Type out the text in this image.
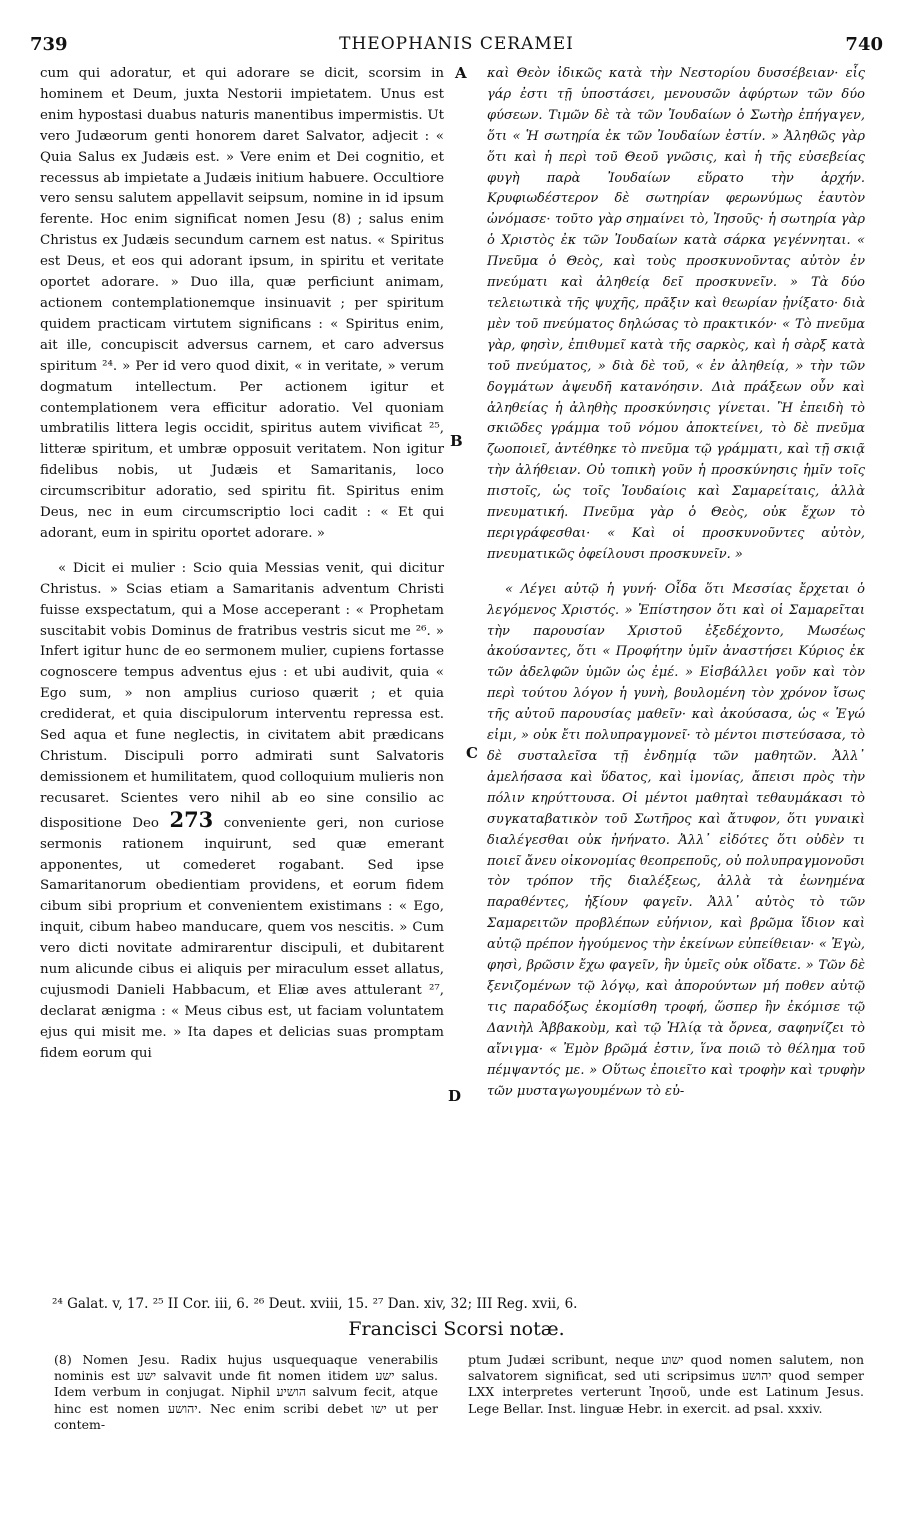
739	THEOPHANIS CERAMEI	740

cum qui adoratur, et qui adorare se dicit, scorsim in hominem et Deum, juxta Nestorii impietatem. Unus est enim hypostasi duabus naturis manentibus impermistis. Ut vero Judæorum genti honorem daret Salvator, adjecit : « Quia Salus ex Judæis est. » Vere enim et Dei cognitio, et recessus ab impietate a Judæis initium habuere. Occultiore vero sensu salutem appellavit seipsum, nomine in id ipsum ferente. Hoc enim significat nomen Jesu (8) ; salus enim Christus ex Judæis secundum carnem est natus. « Spiritus est Deus, et eos qui adorant ipsum, in spiritu et veritate oportet adorare. » Duo illa, quæ perficiunt animam, actionem contemplationemque insinuavit ; per spiritum quidem practicam virtutem significans : « Spiritus enim, ait ille, concupiscit adversus carnem, et caro adversus spiritum ²⁴. » Per id vero quod dixit, « in veritate, » verum dogmatum intellectum. Per actionem igitur et contemplationem vera efficitur adoratio. Vel quoniam umbratilis littera legis occidit, spiritus autem vivificat ²⁵, litteræ spiritum, et umbræ opposuit veritatem. Non igitur fidelibus nobis, ut Judæis et Samaritanis, loco circumscribitur adoratio, sed spiritu fit. Spiritus enim Deus, nec in eum circumscriptio loci cadit : « Et qui adorant, eum in spiritu oportet adorare. »

« Dicit ei mulier : Scio quia Messias venit, qui dicitur Christus. » Scias etiam a Samaritanis adventum Christi fuisse exspectatum, qui a Mose acceperant : « Prophetam suscitabit vobis Dominus de fratribus vestris sicut me ²⁶. » Infert igitur hunc de eo sermonem mulier, cupiens fortasse cognoscere tempus adventus ejus : et ubi audivit, quia « Ego sum, » non amplius curioso quærit ; et quia crediderat, et quia discipulorum interventu repressa est. Sed aqua et fune neglectis, in civitatem abit prædicans Christum. Discipuli porro admirati sunt Salvatoris demissionem et humilitatem, quod colloquium mulieris non recusaret. Scientes vero nihil ab eo sine consilio ac dispositione Deo 273 convenientе geri, non curiose sermonis rationem inquirunt, sed quæ emerant apponentes, ut comederet rogabant. Sed ipse Samaritanorum obedientiam providens, et eorum fidem cibum sibi proprium et convenientem existimans : « Ego, inquit, cibum habeo manducare, quem vos nescitis. » Cum vero dicti novitate admirarentur discipuli, et dubitarent num alicunde cibus ei aliquis per miraculum esset allatus, cujusmodi Danieli Habbacum, et Eliæ aves attulerant ²⁷, declarat ænigma : « Meus cibus est, ut faciam voluntatem ejus qui misit me. » Ita dapes et delicias suas promptam fidem eorum qui

A
B
C
D

καὶ Θεὸν ἰδικῶς κατὰ τὴν Νεστορίου δυσσέβειαν· εἷς γάρ ἐστι τῇ ὑποστάσει, μενουσῶν ἀφύρτων τῶν δύο φύσεων. Τιμῶν δὲ τὰ τῶν Ἰουδαίων ὁ Σωτὴρ ἐπήγαγεν, ὅτι « Ἡ σωτηρία ἐκ τῶν Ἰουδαίων ἐστίν. » Ἀληθῶς γὰρ ὅτι καὶ ἡ περὶ τοῦ Θεοῦ γνῶσις, καὶ ἡ τῆς εὐσεβείας φυγὴ παρὰ Ἰουδαίων εὕρατο τὴν ἀρχήν. Κρυφιωδέστερον δὲ σωτηρίαν φερωνύμως ἑαυτὸν ὠνόμασε· τοῦτο γὰρ σημαίνει τὸ, Ἰησοῦς· ἡ σωτηρία γὰρ ὁ Χριστὸς ἐκ τῶν Ἰουδαίων κατὰ σάρκα γεγέννηται. « Πνεῦμα ὁ Θεὸς, καὶ τοὺς προσκυνοῦντας αὐτὸν ἐν πνεύματι καὶ ἀληθείᾳ δεῖ προσκυνεῖν. » Τὰ δύο τελειωτικὰ τῆς ψυχῆς, πρᾶξιν καὶ θεωρίαν ᾐνίξατο· διὰ μὲν τοῦ πνεύματος δηλώσας τὸ πρακτικόν· « Τὸ πνεῦμα γὰρ, φησὶν, ἐπιθυμεῖ κατὰ τῆς σαρκὸς, καὶ ἡ σὰρξ κατὰ τοῦ πνεύματος, » διὰ δὲ τοῦ, « ἐν ἀληθείᾳ, » τὴν τῶν δογμάτων ἀψευδῆ κατανόησιν. Διὰ πράξεων οὖν καὶ ἀληθείας ἡ ἀληθὴς προσκύνησις γίνεται. Ἢ ἐπειδὴ τὸ σκιῶδες γράμμα τοῦ νόμου ἀποκτείνει, τὸ δὲ πνεῦμα ζωοποιεῖ, ἀντέθηκε τὸ πνεῦμα τῷ γράμματι, καὶ τῇ σκιᾷ τὴν ἀλήθειαν. Οὐ τοπικὴ γοῦν ἡ προσκύνησις ἡμῖν τοῖς πιστοῖς, ὡς τοῖς Ἰουδαίοις καὶ Σαμαρείταις, ἀλλὰ πνευματική. Πνεῦμα γὰρ ὁ Θεὸς, οὐκ ἔχων τὸ περιγράφεσθαι· « Καὶ οἱ προσκυνοῦντες αὐτὸν, πνευματικῶς ὀφείλουσι προσκυνεῖν. »

« Λέγει αὐτῷ ἡ γυνή· Οἶδα ὅτι Μεσσίας ἔρχεται ὁ λεγόμενος Χριστός. » Ἐπίστησον ὅτι καὶ οἱ Σαμαρεῖται τὴν παρουσίαν Χριστοῦ ἐξεδέχοντο, Μωσέως ἀκούσαντες, ὅτι « Προφήτην ὑμῖν ἀναστήσει Κύριος ἐκ τῶν ἀδελφῶν ὑμῶν ὡς ἐμέ. » Εἰσβάλλει γοῦν καὶ τὸν περὶ τούτου λόγον ἡ γυνὴ, βουλομένη τὸν χρόνον ἴσως τῆς αὐτοῦ παρουσίας μαθεῖν· καὶ ἀκούσασα, ὡς « Ἐγώ εἰμι, » οὐκ ἔτι πολυπραγμονεῖ· τὸ μέντοι πιστεύσασα, τὸ δὲ συσταλεῖσα τῇ ἐνδημίᾳ τῶν μαθητῶν. Ἀλλ᾽ ἀμελήσασα καὶ ὕδατος, καὶ ἱμονίας, ἄπεισι πρὸς τὴν πόλιν κηρύττουσα. Οἱ μέντοι μαθηταὶ τεθαυμάκασι τὸ συγκαταβατικὸν τοῦ Σωτῆρος καὶ ἄτυφον, ὅτι γυναικὶ διαλέγεσθαι οὐκ ἠνήνατο. Ἀλλ᾽ εἰδότες ὅτι οὐδὲν τι ποιεῖ ἄνευ οἰκονομίας θεοπρεποῦς, οὐ πολυπραγμονοῦσι τὸν τρόπον τῆς διαλέξεως, ἀλλὰ τὰ ἐωνημένα παραθέντες, ἠξίουν φαγεῖν. Ἀλλ᾽ αὐτὸς τὸ τῶν Σαμαρειτῶν προβλέπων εὐήνιον, καὶ βρῶμα ἴδιον καὶ αὐτῷ πρέπον ἡγούμενος τὴν ἐκείνων εὐπείθειαν· « Ἐγὼ, φησὶ, βρῶσιν ἔχω φαγεῖν, ἣν ὑμεῖς οὐκ οἴδατε. » Τῶν δὲ ξενιζομένων τῷ λόγῳ, καὶ ἀπορούντων μή ποθεν αὐτῷ τις παραδόξως ἐκομίσθη τροφή, ὥσπερ ἣν ἐκόμισε τῷ Δανιὴλ Ἀββακοὺμ, καὶ τῷ Ἠλίᾳ τὰ ὄρνεα, σαφηνίζει τὸ αἴνιγμα· « Ἐμὸν βρῶμά ἐστιν, ἵνα ποιῶ τὸ θέλημα τοῦ πέμψαντός με. » Οὕτως ἐποιεῖτο καὶ τροφὴν καὶ τρυφὴν τῶν μυσταγωγουμένων τὸ εὐ-

²⁴ Galat. v, 17. ²⁵ II Cor. iii, 6. ²⁶ Deut. xviii, 15. ²⁷ Dan. xiv, 32; III Reg. xvii, 6.
Francisci Scorsi notæ.
(8) Nomen Jesu. Radix hujus usquequaque venerabilis nominis est ישע salvavit unde fit nomen itidem ישע salus. Idem verbum in conjugat. Niphil הושיע salvum fecit, atque hinc est nomen יהושע. Nec enim scribi debet ישו ut per contem-
ptum Judæi scribunt, neque ישוע quod nomen salutem, non salvatorem significat, sed uti scripsimus יהושע quod semper LXX interpretes verterunt Ἰησοῦ, unde est Latinum Jesus. Lege Bellar. Inst. linguæ Hebr. in exercit. ad psal. xxxiv.
